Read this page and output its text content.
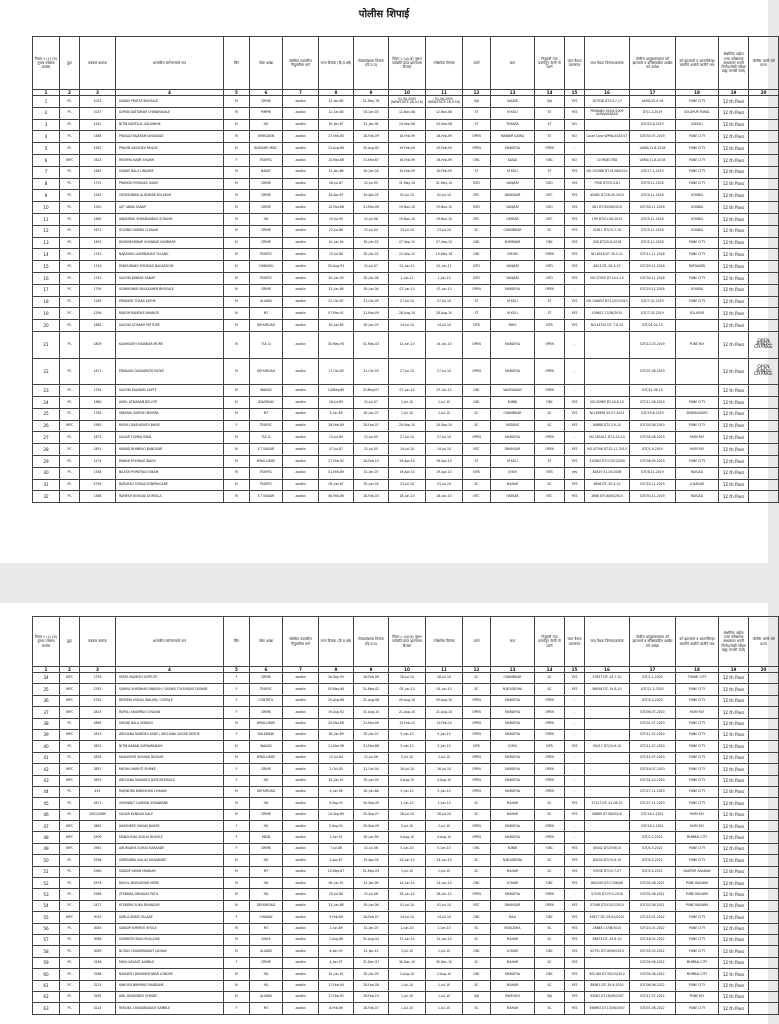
पोलीस शिपाई
नियम ९ (२) (ब) नुसार ज्येष्ठता क्रमांक	हुद्दा	बक्कल क्रमांक	शासकीय कर्मचाऱ्याचे नाव	लिंग	पोस्ट शाखा	संबंधित पदावरील नियुक्तीचा मार्ग	जन्म दिनांक (दि.म.वर्ष)	सेवाप्रवेशाचा दिनांक (दि.म.व)	नियम ५ (३)(अ) नुसार पदोन्नति प्राप्त झाल्याचा दिनांक	ज्येष्ठतेचा दिनांक	प्रवर्ग	जात	नियुक्ती ज्या प्रवर्गातून केली तो प्रवर्ग	जात वैधता प्रमाणपत्र	जात वैधता दिनांक/क्रमांक	पोलीस आयुक्तालयात वर्ग झाल्याचे व वरिष्ठांकडील शाखेत वर्ग आदेश	वर्ग झाल्याचे व आंतरजिल्हा बदलीने आलेले जातीने नाव	शैक्षणिक अर्हता (ज्या परीक्षांच्या आधारावर भरती निर्णय/लेखी परीक्षा ग्राह्य मानली जाते)	पोलीस भरती वर्ष प्रथम
1	2	3	4	5	6	7	8	9	10	11	12	13	14	15	16	17	18	19	20
1	PC	1023	SANJAY PRATAP BHOSALE	M	CRIME	सरळसेवा	31-Jan-80	31-May-78	01-06-2005 (NEWSTATE 26-9-16)	01-06-2005 (NEWSTATE 26-9-16)	VJA	VADAR	VJA	YES	107938 DT:13-7-17	VARG/15-9-18	PUNE CITY	12 th Pass	
2	PC	1037	SOPAN DATTARAM CHINDHAVALE	M	PIMPRI	सरळसेवा	12-Jun-80	03-Jun-03	12-Nov-08	12-Nov-08	ST	M KOLI	ST	YES	PENDING 05/01/2009 AURANGABAD	DT/1-1-2019	SOLAPUR RURAL	12 th Pass	
3	PC	1241	NITIN KANTILAL SALUNKHE	M	HQ	सरळसेवा	30-Jan-87	31-Jan-05	24-Sep-08	24-Sep-08	ST	THAKAR	ST	NO		IDT/20-6-2019	SANGLI	12 th Pass	
4	PC	1486	PRASAD RAJARAM JANGAVAD	M	SHIRGAON	सरळसेवा	27-Feb-85	28-Feb-09	18-Feb-09	18-Feb-09	OPEN	MANNIR SAMAJ	ST	NO	Court Case WPNo.4015/17	IDT/30-07-2019	PUNE CITY	12 th Pass	
5	PC	1587	PRAVIN VASUDEV MULUK	M	BHOSARI MIDC	सरळसेवा	13-Aug-86	30-Aug-82	19-Feb-09	19-Feb-09	OPEN	MARATHA	OPEN	-		VARG/11-8-2018	PUNE CITY	12 th Pass	
6	WPC	1623	RESHMA NAJIR SHAIKH	F	TRAFFIC	सरळसेवा	10-Mar-88	31-Mar-87	16-Feb-09	16-Feb-09	OBC	KASAI	OBC	NO	CV REJECTED	VARG/11-8-2018	PUNE CITY	12 th Pass	
7	PC	1681	SANJAY BALU LINDARE	M	BAVAT	सरळसेवा	12-Jan-86	30-Jun-04	10-Feb-09	10-Feb-09	ST	M KOLI	ST	YES	NO.192086 DT.01/08/2014	IDT/17-1-2019	PUNE CITY	12 th Pass	
8	PC	1791	PRAMOD ROHIDAS GAIKE	M	CRIME	सरळसेवा	26-Jul-87	31-Jul-95	31-May-10	31-May-10	NTD	VANJARI	NTD	YES	7938 DT/29-3-81	IDT/9-11-2018	PUNE CITY	12 th Pass	
9	PC	1281	YOGESHWAR ALIKUMAR KOLEKAR	M	CRIME	सरळसेवा	18-Apr-87	30-Apr-05	02-Jul-10	02-Jul-10	NTC	DHANGAR	NTC	YES	40482 DT:26-05-2010	IDT/4-11-2018	GONDIA	12 th Pass	
10	PC	1920	AJIT ANNA SANAP	M	CRIME	सरळसेवा	10-Mar-88	31-Mar-06	19-Nov-10	19-Nov-10	NTD	VANJARI	NTD	YES	461 DT:30/06/2010	IDT/30-11-2018	GONDIA	12 th Pass	
11	PC	1660	ANJANRAO SHRAMANRAO SODAUR	M	HQ	सरळसेवा	19-Jul-90	31-Jul-08	19-Nov-10	19-Nov-10	NTC	HATKAR	NTC	YES	199 DT/01-08-2010	IDT/5-11-2018	GONDIA	12 th Pass	
12	PC	1672	GOVIND HARIBA CHAVAN	M	CRIME	सरळसेवा	22-Jul-86	31-Jul-04	23-Jul-10	23-Jul-10	SC	CHAMBHAR	SC	YES	31811 DT/13-7-10	IDT/5-11-2018	GONDIA	12 th Pass	
13	PC	1893	DNYANESHWAR SHANKAR SAMBHAR	M	CRIME	सरळसेवा	10-Jun-94	30-Jun-92	07-Sep-10	07-Sep-10	OBC	KUMBHAR	OBC	YES	328 DT/29-8-2018	IDT/5-11-2018	PUNE CITY	12 th Pass	
14	PC	1743	NARAYAN LAXMINANSH TALANG	M	TRAFFIC	सरळसेवा	15-Jul-88	30-Jun-02	22-Sep-10	10-May-18	OBC	DHOBI	OPEN	YES	NO.8318 DT 30-3-11	IDT/11-11-2018	PUNE CITY	12 th Pass	
15	PC	1743	PANDURANG ROHIDAS NAGARGOJE	M	CHINNGU	सरळसेवा	05-Aug-93	31-Jul-07	01-Jun-11	01-Jun-11	NTD	VANJARI	NTD	YES	8613 DT.-26-3-10	IDT/29-11-2018	RATNAGIRI	12 th Pass	
16	PC	1743	SACHIN DINKAR SANAP	M	TRAFFIC	सरळसेवा	20-Jun-90	30-Jun-08	1-Jun-11	1-Jun-10	NTD	VANJARI	NTD	YES	NO.37900 DT.14-4-10	IDT/30-11-2018	PUNE CITY	12 th Pass	
17	PC	1790	UDAYKUMAR BALASAHEB BHOSALE	M	CRIME	सरळसेवा	12-Jun-86	30-Jun-04	07-Jun-10	07-Jun-10	OPEN	MARATHA	OPEN	-		IDT/25-12-2018	GONDIA	12 th Pass	
18	PC	1289	PRAKASH THAKA KATHE	M	ALANDI	सरळसेवा	22-Oct-87	31-Oct-05	27-Jul-10	27-Jul-10	ST	M KOLI	ST	YES	NO.136853 DT:12/07/2010	IDT/7-02-2019	PUNE CITY	12 th Pass	
19	PC	1296	RAJESH RAMDAS BHANGE	M	MT	सरळसेवा	07-Mar-91	31-Mar-09	28-Aug-10	28-Aug-10	ST	M KOLI	ST	YES	109621 17/08/2010	IDT/7-02-2019	SOLAPUR	12 th Pass	
20	PC	1862	SACHIN GORAKH PATTURE	M	DEHUROAD	सरळसेवा	30-Jun-85	30-Jun-03	14-Jul-10	14-Jul-10	NTB	BHOI	NTB	YES	NO.43704 DT. 7-6-10	IDT/24-02-19		12 th Pass	
21	PC	1809	KASHINATH SHANKAR MORE	M	TUL D	सरळसेवा	30-May-95	31-May-03	14-Jun-10	14-Jun-10	OPEN	MARATHA	OPEN	-		IDT/12-03-2019	PUNE RLY	12 th Pass	OPEN BINDU CHANGE
22	PC	1871	PRAKASH DASHARATH KATKE	M	DEHUROAD	सरळसेवा	17-Oct-85	31-Oct-03	27-Jul-10	27-Jul-10	OPEN	MARATHA	OPEN	-		IDT/07-06-2019		12 th Pass	OPEN BINDU CHANGE
23	PC	1781	SACHIN RAJARAM SAPTE	M	WAKAD	सरळसेवा	14/May/89	31/May/07	07-Jun-10	07-Jun-10	OBC	VAISHANAVI	OPEN	-		IDT/12-06-19		12 th Pass	
24	PC	1880	AMOL ATMARAM BELHTE	M	BAVDHAN	सरळसेवा	18-Jul-89	31-Jul-07	1-Jul-10	1-Jul-10	OBC	KUNBI	OBC	YES	NO.32989 DT.18-6-10	IDT/12-06-2019	PUNE CITY	12 th Pass	
25	PC	1783	VINAYAK SURESH MISHRA	M	MT	सरळसेवा	3-Jun-89	30-Jun-07	1-Jul-10	1-Jul-10	SC	CHAMBHAR	SC	YES	NO.28956 05-07-2003	IDT/19-6-2019	SINDHUDURG	12 th Pass	
26	WPC	1985	RUPALI DASHARATH BHISE	F	TRAFFIC	सरळसेवा	26-Feb-89	28-Feb-07	20-Sep-10	20-Sep-10	SC	MATANG	SC	YES	84888 DT:13-9-10	IDT/03-08-2019	PUNE CITY	12 th Pass	
27	PC	1873	SAGAR TUVRAJ UWAL	M	TUL D	सरळसेवा	13-Jul-89	31-Jul-05	27-Jul-10	27-Jul-10	OPEN	MARATHA	OPEN	-	NO.285411 DT.4-10-14	IDT/05-08-2019	MUM RLY	12 th Pass	
28	PC	1851	ANAND BHIMRAO BANDGAR	M	S T NAGAR	सरळसेवा	07-Jul-87	31-Jul-05	14-Jul-10	14-Jul-10	NTC	DHANGAR	OPEN	YES	NO.47746 DT:22-11-2010	IDT/1-9-2019	MUM RLY	12 th Pass	
29	PC	1274	PAWAN ROHIDAS WAGH	M	WHALLINGE	सरळसेवा	27-Feb-92	28-Feb-10	26-Apr-10	26-Apr-10	ST	M KOLI	ST	YES	315083 DT:17/01/2009	IDT/06-09-2019	PUNE CITY	12 th Pass	
30	PC	1784	NILESH POPATRAO NIKAM	M	TRAFFIC	सरळसेवा	01-Feb-89	31-Jan-07	19-Apr-10	19-Apr-10	NTB	JOSHI	NTB	yes	82819 31-03-2006	IDT/8-11-2019	RAIGAD	12 th Pass	
31	PC	2769	BAPURAO SONAJI SONPRAGARE	M	TRAFFIC	सरळसेवा	09-Jun-87	30-Jun-05	23-Jul-10	23-Jul-10	SC	MAHAR	SC	YES	6806 DT.-30-4-10	IDT/20-11-2019	A NAGAR	12 th Pass	
32	PC	1368	RAMESH BHAGUJI DORTALA	M	S T NAGAR	सरळसेवा	06-Feb-86	28-Feb-03	28-Jun-10	28-Jun-10	NTC	HATKAR	NTC	YES	3868 DT:16/04/2010	IDT/30-11-2019	RAIGAD	12 th Pass	
नियम ९ (२) (ब) नुसार ज्येष्ठता क्रमांक	हुद्दा	बक्कल क्रमांक	शासकीय कर्मचाऱ्याचे नाव	लिंग	पोस्ट शाखा	संबंधित पदावरील नियुक्तीचा मार्ग	जन्म दिनांक (दि.म.वर्ष)	सेवाप्रवेशाचा दिनांक (दि.म.व)	नियम ५ (३)(अ) नुसार पदोन्नति प्राप्त झाल्याचा दिनांक	ज्येष्ठतेचा दिनांक	प्रवर्ग	जात	नियुक्ती ज्या प्रवर्गातून केली तो प्रवर्ग	जात वैधता प्रमाणपत्र	जात वैधता दिनांक/क्रमांक	पोलीस आयुक्तालयात वर्ग झाल्याचे व वरिष्ठांकडील शाखेत वर्ग आदेश	वर्ग झाल्याचे व आंतरजिल्हा बदलीने आलेले जातीने नाव	शैक्षणिक अर्हता (ज्या परीक्षांच्या आधारावर भरती निर्णय/लेखी परीक्षा ग्राह्य मानली जाते)	पोलीस भरती वर्ष प्रथम
1	2	3	4	5	6	7	8	9	10	11	12	13	14	15	16	17	18	19	20
34	WPC	2759	SMITA MAHESH SATPUTE	F	CRIME	सरळसेवा	26-Sep-95	28-Feb-08	28-Jul-10	28-Jul-10	SC	CHAMBHAR	SC	YES	57837 DT:-16-7-10	IDT/1-1-2020	THANE CITY	12 th Pass	
35	WPC	2763	SARIKA SHRIDHAR ANKUSH / SARIKA TULSHIDAS DIGHAR	F	TRAFFIC	सरळसेवा	05-May-84	31-May-02	05-Jun-10	05-Jun-10	SC	N.BOUDDHA	SC	YES	86058 DT:-19-8-10	IDT/21-3-2020	PUNE CITY	12 th Pass	
36	WPC	2781	RESHMA VISHAL WALUNJ / GOPALE	F	CONTROL	सरळसेवा	29-Aug-88	31-Aug-06	09-Aug-10	09-Aug-10	OPEN	MARATHA	OPEN	-		IDT/4-3-2020	PUNE CITY	12 th Pass	
37	WPC	2815	RUPALI SHAMRAO CHAVAN	F	CRIME	सरळसेवा	19-Aug-92	31-Aug-10	21-Aug-10	21-Aug-10	OPEN	MARATHA	OPEN	-		IDT/06-07-2020	MUM RLY	12 th Pass	
38	PC	2869	SHIVAJI BALU UNDAVV	M	WHALLINGE	सरळसेवा	20-Mar-88	31-Mar-06	13-Feb-10	13-Feb-10	OPEN	MARATHA	OPEN	-		IDT/01-07-2020	PUNE CITY	12 th Pass	
39	WPC	2819	ARCHANA NAMDEV KADE / ARCHANA SAGAR DESHE	F	KALEWADI	सरळसेवा	26-Jun-89	30-Jun-07	5-Jun-10	5-Jun-10	OPEN	MARATHA	OPEN	-		IDT/11-07-2020	PUNE CITY	12 th Pass	
40	PC	2823	NITIN BABAN SURYAWANSHI	M	WAKAD	सरळसेवा	21-Mar-98	31-Mar-88	5-Jun-10	5-Jun-10	NTB	JOSHI	NTB	YES	90217 DT/19-6-10	IDT/11-07-2020	PUNE CITY	12 th Pass	
41	PC	2826	MAHAVEER SHAHAJI DEVKAR	M	WHALLINGE	सरळसेवा	12-Jul-84	31-Jul-06	2-Jul-10	2-Jul-10	OPEN	MARATHA	OPEN	-		IDT/14-07-2020	PUNE CITY	12 th Pass	
42	WPC	2857	MEGHA MARUTI SHIRKE	F	CRIME	सरळसेवा	2-Oct-83	31-Oct-04	16-Jul-10	16-Jul-10	OPEN	MARATHA	OPEN	-		IDT/16-07-2020	PUNE CITY	12 th Pass	
43	WPC	2859	ARCHANA NAVNATH DATE/DHOKALE	F	HQ	सरळसेवा	25-Jun-91	30-Jun-09	4-Aug-10	4-Aug-10	OPEN	MARATHA	OPEN	-		IDT/31-10-2020	PUNE CITY	12 th Pass	
44	PC	491	RAJENDRA BIBHISHAN CHAVAN	M	DEHUROAD	सरळसेवा	4-Jun-98	30-Jun-88	5-Jun-10	5-Jun-10	OPEN	MARATHA	OPEN	-		IDT/27-11-2020	PUNE CITY	12 th Pass	
45	PC	2871	VISHWAJIT LAXMAN SONAWANE	M	HQ	सरळसेवा	3-Sep-91	30-Sep-09	1-Jun-10	1-Jun-10	SC	MAHAR	SC	YES	57127 DT:-22-06-10	IDT/27-11-2020	PUNE CITY	12 th Pass	
46	PC	2001/2889	SAGAR KUNDLIK KALE	M	CRIME	सरळसेवा	14-Sep-89	30-Sep-07	28-Jul-10	28-Jul-10	SC	MAHAR	SC	YES	06869 DT.08/05/16	IDT/18-1-2021	MUM RLY	12 th Pass	
47	WPC	2881	JAYASHREE SHIVAJI BAGRE	F	HQ	सरळसेवा	5-Sep-91	30-Sep-09	2-Jul-10	2-Jul-10	OPEN	MARATHA	OPEN	-		IDT/18-1-2021	MUM RLY	12 th Pass	
48	WPC	2909	MANGUSHA SUSHIL BHOSLE	F	MIDD	सरळसेवा	1-Jun-92	30-Jun-90	4-Aug-10	4-Aug-10	OPEN	MARATHA	OPEN	-		IDT/2-2-2021	MUMBAI CITY	12 th Pass	
49	WPC	2961	ANURADHA SUHAS KARANDE	F	CRIME	सरळसेवा	7-Jul-88	31-Jul-06	5-Jun-10	5-Jun-10	OBC	KUNBI	OBC	YES	45442 DT/25/6/10	IDT/4-5-2021	PUNE CITY	12 th Pass	
50	PC	2958	SURENDRA KAILAS KHANDARE	M	HQ	सरळसेवा	2-Apr-87	30-Apr-05	23-Jun-10	23-Jun-10	SC	N.BOUDDHA	SC	YES	84244 DT/19-6-10	IDT/4-5-2021	PUNE CITY	12 th Pass	
51	PC	2960	SANDIP ARJUN MANKAR	M	MT	सरळसेवा	20-May-87	31-May-05	1-Jul-10	1-Jul-10	SC	MAHAR	SC	YES	09536 DT/19-7-07	IDT/4-5-2021	NAGPUR RAILWAY	12 th Pass	
52	PC	2976	RAHUL MURLIDHAR MORE	M	HQ	सरळसेवा	06-Jun-91	31-Jan-09	14-Jun-10	14-Jun-10	OBC	LOHARI	OBC	YES	862249 DT:17/06/08	IDT/02-08-2021	PUNE RAILWAY	12 th Pass	
53	PC	2966	JITENDRA DNYADAS PATIL	M	HQ	सरळसेवा	29-Jul-88	31-Jul-06	28-Jun-10	28-Jun-10	OPEN	MARATHA	OPEN	-	57539 DT:29-5-2016	IDT/02-08-2021	PUNE RAILWAY	12 th Pass	
54	PC	2477	JITENDRA SUKA DHANGAR	M	DEHUROAD	सरळसेवा	23-Jun-88	30-Jun-06	01-Jul-10	01-Jul-10	NTC	DHANGAR	OPEN	YES	57548 DT:01/07/2010	IDT/02-08-2021	PUNE RAILWAY	12 th Pass	
55	WPC	3019	SARLA ANIDS YALANE	F	CHAKAN	सरळसेवा	9-Feb-89	28-Feb-07	14-Jul-10	14-Jul-10	OBC	MALI	OBC	YES	45677 DT:-05/10/2010	IDT/23-01-2022	PUNE CITY	12 th Pass	
56	PC	3063	SANDIP SHRIPATI KHOLE	M	MT	सरळसेवा	1-Jun-89	31-Jan-07	1-Jun-10	1-Jun-10	SC	BOUDDHA	SC	YES	28848 17/06/2010	IDT/23-01-2022	PUNE CITY	12 th Pass	
57	PC	3066	SOMNATH BALU KHILLODE	M	DIGHI	सरळसेवा	1-Aug-86	31-Aug-04	31-Jun-10	31-Jun-10	SC	MAHAR	SC	YES	98873 DT.-29-6-10	IDT/16-02-2022	PUNE CITY	12 th Pass	
58	PC	3089	NUTAN CHANDRAKANT JADHAV	M	ALANDI	सरळसेवा	8-Jan-93	31-Jan-12	1-Jul-10	1-Jul-10	OBC	LOHARI	OBC	YES	43791 DT:16/06/2010	IDT/05-03-2022	PUNE CITY	12 th Pass	
59	PC	3148	MAYA VASANT KAMBLE	F	CRIME	सरळसेवा	4-Jan-97	31-Dec-97	30-Dec-10	30-Dec-10	SC	MAHAR	SC	YES		IDT/05-06-2022	MUMBAI CITY	12 th Pass	
60	PC	3168	NAVNATH DNYANESHWAR LONDHE	M	HQ	सरळसेवा	25-Jun-91	30-Jun-09	2-Aug-10	2-Aug-10	OBC	MARATHA	OBC	YES	902189 DT.30/10/2010	IDT/05-06-2022	MUMBAI CITY	12 th Pass	
61	PC	3215	ANKUSH BHIMRAO RANDANE	M	HQ	सरळसेवा	17-Feb-90	28-Feb-08	1-Jul-10	1-Jul-10	SC	MAHAR	SC	YES	86361 DT:-29-6-2010	IDT/06-06-2022	PUNE CITY	12 th Pass	
62	PC	3265	ANIL DNYANDEV SHINDE	M	ALANDI	सरळसेवा	17-Feb-92	28-Feb-10	1-Jul-10	1-Jul-10	VJA	RAMOSHI	VJA	YES	93082 DT.16/06/2007	IDT/17-07-2022	PUNE RLY	12 th Pass	
63	PC	3214	RENUKA CHANDRAKANT KAMBLE	F	MT	सरळसेवा	6-Feb-89	28-Feb-07	1-Jul-10	1-Jul-10	SC	MAHAR	SC	YES	356663 DT.13/06/2007	IDT/01-08-2022	PUNE CITY	12 th Pass	
